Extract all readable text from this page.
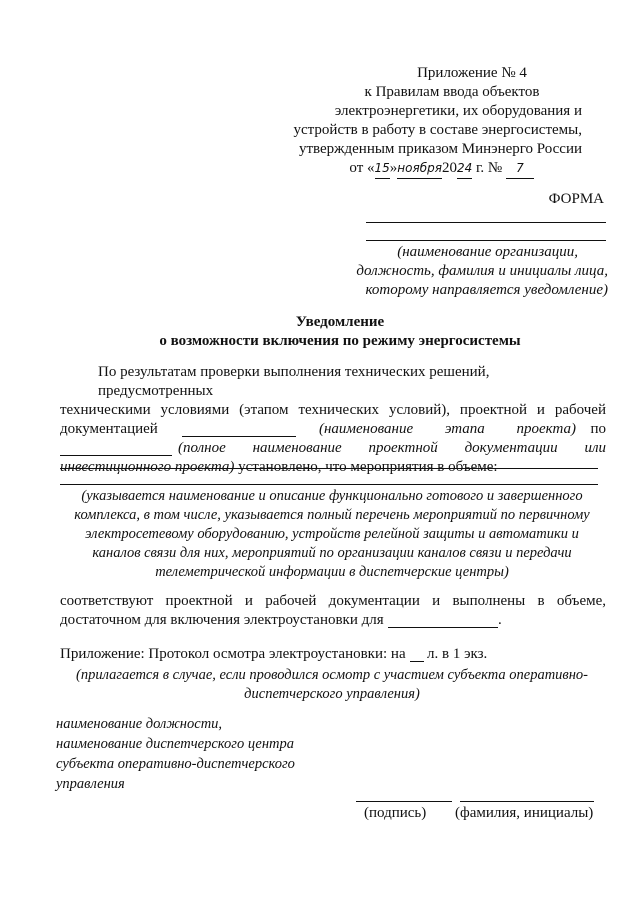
Приложение № 4
к Правилам ввода объектов
электроэнергетики, их оборудования и
устройств в работу в составе энергосистемы,
утвержденным приказом Минэнерго России
от «15»ноября2024 г. № 7
ФОРМА
(наименование организации,
должность, фамилия и инициалы лица,
которому направляется уведомление)
Уведомление
о возможности включения по режиму энергосистемы
По результатам проверки выполнения технических решений, предусмотренных
техническими условиями (этапом технических условий), проектной и рабочей
документацией	(наименование этапа проекта) по
(полное наименование проектной документации или
инвестиционного проекта) установлено, что мероприятия в объеме:
(указывается наименование и описание функционально готового и завершенного
комплекса, в том числе, указывается полный перечень мероприятий по первичному
электросетевому оборудованию, устройств релейной защиты и автоматики и
каналов связи для них, мероприятий по организации каналов связи и передачи
телеметрической информации в диспетчерские центры)
соответствуют проектной и рабочей документации и выполнены в объеме,
достаточном для включения электроустановки для	.
Приложение: Протокол осмотра электроустановки: на л. в 1 экз.
(прилагается в случае, если проводился осмотр с участием субъекта оперативно-
диспетчерского управления)
наименование должности,
наименование диспетчерского центра
субъекта оперативно-диспетчерского
управления
(подпись) (фамилия, инициалы)
